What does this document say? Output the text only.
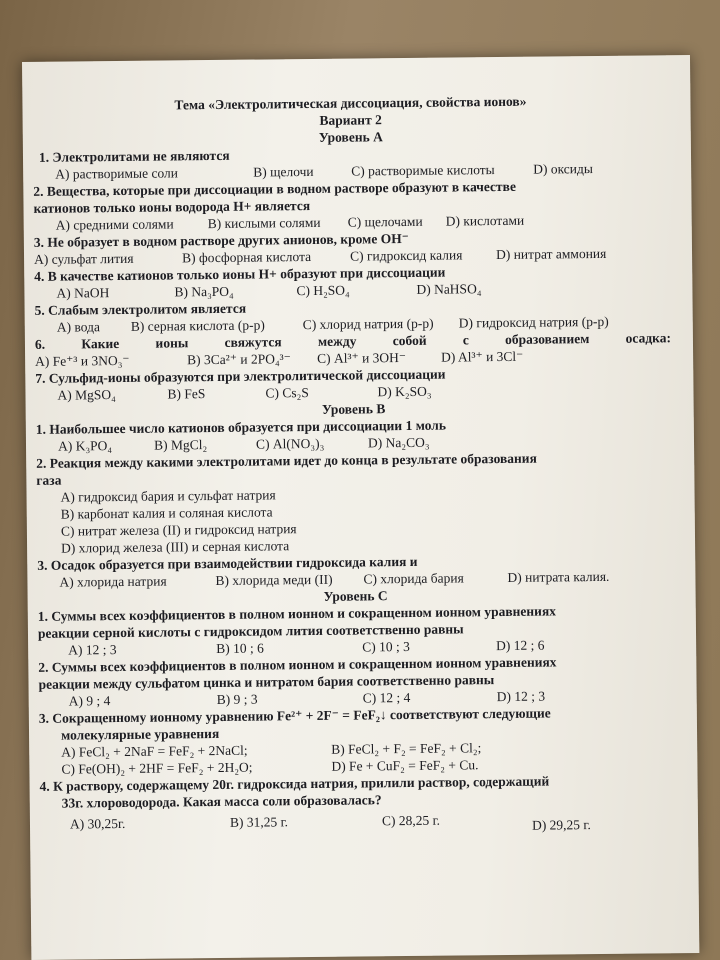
Тема «Электролитическая диссоциация, свойства ионов»
Вариант 2
Уровень А
1. Электролитами не являются
А) растворимые соли	В) щелочи	С) растворимые кислоты	D) оксиды
2. Вещества, которые при диссоциации в водном растворе образуют в качестве
катионов только ионы водорода Н+ является
А) средними солями	В) кислыми солями	С) щелочами	D) кислотами
3. Не образует в водном растворе других анионов, кроме ОН⁻
А) сульфат лития	В) фосфорная кислота	С) гидроксид калия	D) нитрат аммония
4. В качестве катионов только ионы Н+ образуют при диссоциации
А) NaOH	В) Na₃PO₄	С) H₂SO₄	D) NaHSO₄
5. Слабым электролитом является
А) вода	В) серная кислота (р-р)	С) хлорид натрия (р-р)	D) гидроксид натрия (р-р)
6. Какие ионы свяжутся между собой с образованием осадка:
А) Fe⁺³ и 3NO₃⁻	В) 3Ca²⁺ и 2PO₄³⁻	С) Al³⁺ и 3OH⁻	D) Al³⁺ и 3Cl⁻
7. Сульфид-ионы образуются при электролитической диссоциации
А) MgSO₄	В) FeS	С) Cs₂S	D) K₂SO₃
Уровень В
1. Наибольшее число катионов образуется при диссоциации 1 моль
А) K₃PO₄	В) MgCl₂	С) Al(NO₃)₃	D) Na₂CO₃
2. Реакция между какими электролитами идет до конца в результате образования
газа
А) гидроксид бария и сульфат натрия
В) карбонат калия и соляная кислота
С) нитрат железа (II) и гидроксид натрия
D) хлорид железа (III) и серная кислота
3. Осадок образуется при взаимодействии гидроксида калия и
А) хлорида натрия	В) хлорида меди (II)	С) хлорида бария	D) нитрата калия.
Уровень С
1. Суммы всех коэффициентов в полном ионном и сокращенном ионном уравнениях
реакции серной кислоты с гидроксидом лития соответственно равны
А) 12 ; 3	В) 10 ; 6	С) 10 ; 3	D) 12 ; 6
2. Суммы всех коэффициентов в полном ионном и сокращенном ионном уравнениях
реакции между сульфатом цинка и нитратом бария соответственно равны
А) 9 ; 4	В) 9 ; 3	С) 12 ; 4	D) 12 ; 3
3. Сокращенному ионному уравнению Fe²⁺ + 2F⁻ = FeF₂↓ соответствуют следующие
молекулярные уравнения
А) FeCl₂ + 2NaF = FeF₂ + 2NaCl;	В) FeCl₂ + F₂ = FeF₂ + Cl₂;
С) Fe(OH)₂ + 2HF = FeF₂ + 2H₂O;	D) Fe + CuF₂ = FeF₂ + Cu.
4. К раствору, содержащему 20г. гидроксида натрия, прилили раствор, содержащий
33г. хлороводорода. Какая масса соли образовалась?
А) 30,25г.	В) 31,25 г.	С) 28,25 г.	D) 29,25 г.
